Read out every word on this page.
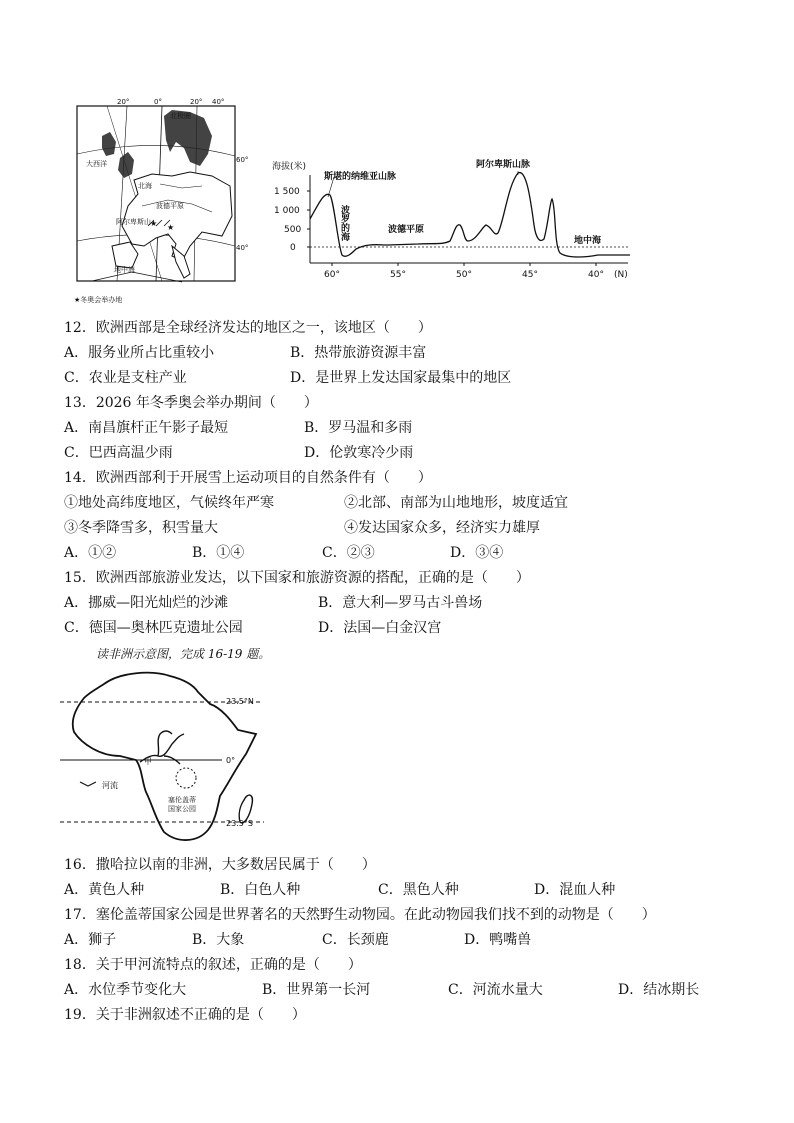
★
★
20°	0°	20° 40°
60°
40°
北极圈
大西洋
北海
波德平原
阿尔卑斯山
地中海
★冬奥会举办地
海拔(米)
1 500
1 000
500
0
60°	55°	50°	45°	40° (N)
斯堪的纳维亚山脉
波罗的海	波德平原
阿尔卑斯山脉
地中海
12．欧洲西部是全球经济发达的地区之一，该地区（　　）
A．服务业所占比重较小	B．热带旅游资源丰富
C．农业是支柱产业	D．是世界上发达国家最集中的地区
13．2026 年冬季奥会举办期间（　　）
A．南昌旗杆正午影子最短	B．罗马温和多雨
C．巴西高温少雨	D．伦敦寒冷少雨
14．欧洲西部利于开展雪上运动项目的自然条件有（　　）
①地处高纬度地区，气候终年严寒	②北部、南部为山地地形，坡度适宜
③冬季降雪多，积雪量大	④发达国家众多，经济实力雄厚
A．①②	B．①④	C．②③	D．③④
15．欧洲西部旅游业发达，以下国家和旅游资源的搭配，正确的是（　　）
A．挪威—阳光灿烂的沙滩	B．意大利—罗马古斗兽场
C．德国—奥林匹克遗址公园	D．法国—白金汉宫
读非洲示意图，完成 16-19 题。
23.5°N
0°
23.5°S
甲
河流
塞伦盖蒂
国家公园
16．撒哈拉以南的非洲，大多数居民属于（　　）
A．黄色人种	B．白色人种	C．黑色人种	D．混血人种
17．塞伦盖蒂国家公园是世界著名的天然野生动物园。在此动物园我们找不到的动物是（　　）
A．狮子	B．大象	C．长颈鹿	D．鸭嘴兽
18．关于甲河流特点的叙述，正确的是（　　）
A．水位季节变化大	B．世界第一长河	C．河流水量大	D．结冰期长
19．关于非洲叙述不正确的是（　　）
